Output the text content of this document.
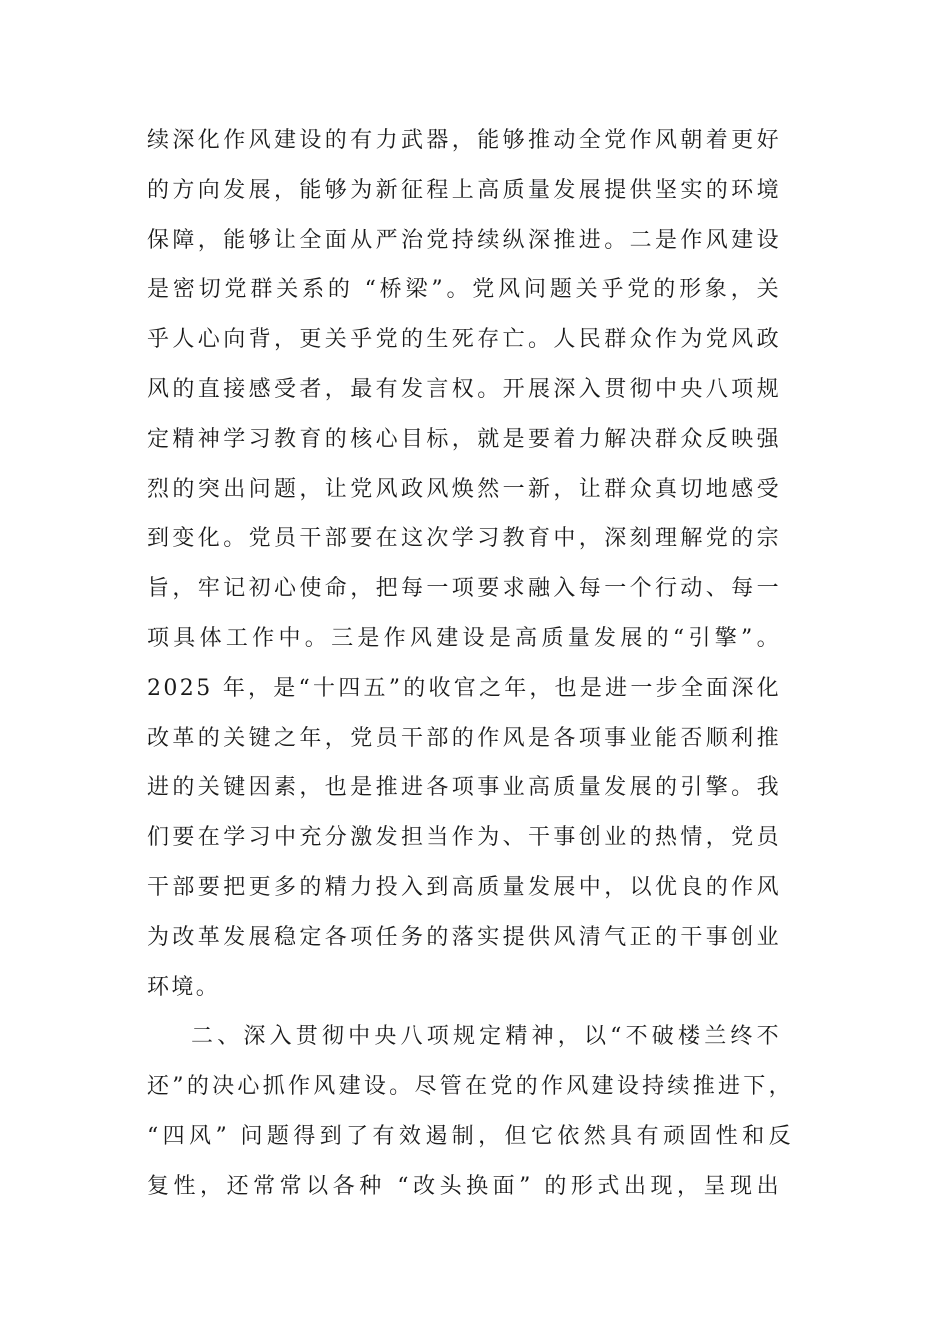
续深化作风建设的有力武器，能够推动全党作风朝着更好
的方向发展，能够为新征程上高质量发展提供坚实的环境
保障，能够让全面从严治党持续纵深推进。二是作风建设
是密切党群关系的 “桥梁”。党风问题关乎党的形象，关
乎人心向背，更关乎党的生死存亡。人民群众作为党风政
风的直接感受者，最有发言权。开展深入贯彻中央八项规
定精神学习教育的核心目标，就是要着力解决群众反映强
烈的突出问题，让党风政风焕然一新，让群众真切地感受
到变化。党员干部要在这次学习教育中，深刻理解党的宗
旨，牢记初心使命，把每一项要求融入每一个行动、每一
项具体工作中。三是作风建设是高质量发展的“引擎”。
2025 年，是“十四五”的收官之年，也是进一步全面深化
改革的关键之年，党员干部的作风是各项事业能否顺利推
进的关键因素，也是推进各项事业高质量发展的引擎。我
们要在学习中充分激发担当作为、干事创业的热情，党员
干部要把更多的精力投入到高质量发展中，以优良的作风
为改革发展稳定各项任务的落实提供风清气正的干事创业
环境。
二、深入贯彻中央八项规定精神，以“不破楼兰终不
还”的决心抓作风建设。尽管在党的作风建设持续推进下，
“四风” 问题得到了有效遏制，但它依然具有顽固性和反
复性，还常常以各种 “改头换面” 的形式出现，呈现出
